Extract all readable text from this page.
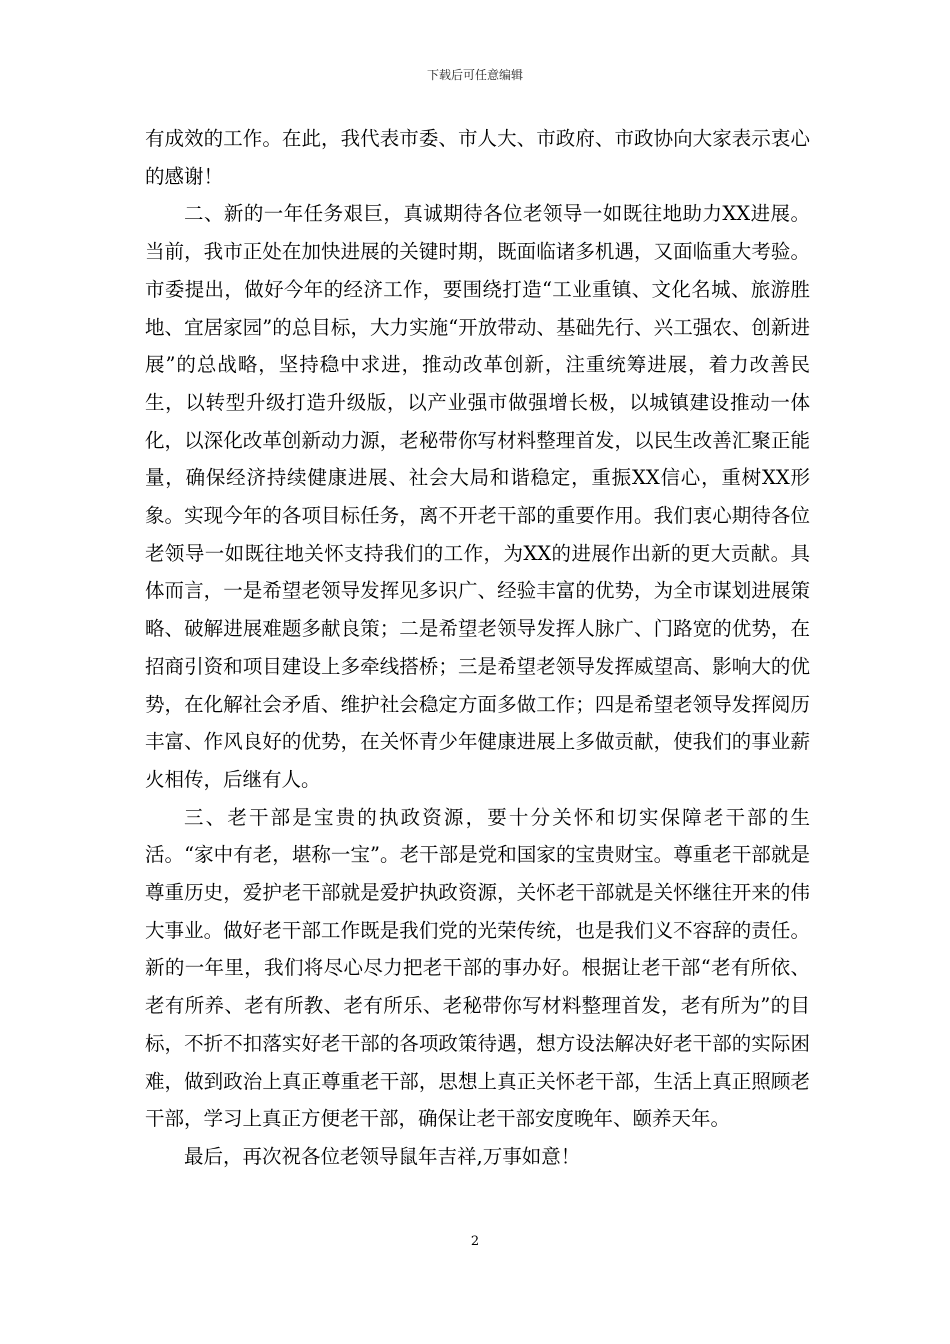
下载后可任意编辑

有成效的工作。在此，我代表市委、市人大、市政府、市政协向大家表示衷心的感谢！

二、新的一年任务艰巨，真诚期待各位老领导一如既往地助力XX进展。当前，我市正处在加快进展的关键时期，既面临诸多机遇，又面临重大考验。市委提出，做好今年的经济工作，要围绕打造“工业重镇、文化名城、旅游胜地、宜居家园”的总目标，大力实施“开放带动、基础先行、兴工强农、创新进展”的总战略，坚持稳中求进，推动改革创新，注重统筹进展，着力改善民生，以转型升级打造升级版，以产业强市做强增长极，以城镇建设推动一体化，以深化改革创新动力源，老秘带你写材料整理首发，以民生改善汇聚正能量，确保经济持续健康进展、社会大局和谐稳定，重振XX信心，重树XX形象。实现今年的各项目标任务，离不开老干部的重要作用。我们衷心期待各位老领导一如既往地关怀支持我们的工作，为XX的进展作出新的更大贡献。具体而言，一是希望老领导发挥见多识广、经验丰富的优势，为全市谋划进展策略、破解进展难题多献良策；二是希望老领导发挥人脉广、门路宽的优势，在招商引资和项目建设上多牵线搭桥；三是希望老领导发挥威望高、影响大的优势，在化解社会矛盾、维护社会稳定方面多做工作；四是希望老领导发挥阅历丰富、作风良好的优势，在关怀青少年健康进展上多做贡献，使我们的事业薪火相传，后继有人。

三、老干部是宝贵的执政资源，要十分关怀和切实保障老干部的生活。“家中有老，堪称一宝”。老干部是党和国家的宝贵财宝。尊重老干部就是尊重历史，爱护老干部就是爱护执政资源，关怀老干部就是关怀继往开来的伟大事业。做好老干部工作既是我们党的光荣传统，也是我们义不容辞的责任。新的一年里，我们将尽心尽力把老干部的事办好。根据让老干部“老有所依、老有所养、老有所教、老有所乐、老秘带你写材料整理首发，老有所为”的目标，不折不扣落实好老干部的各项政策待遇，想方设法解决好老干部的实际困难，做到政治上真正尊重老干部，思想上真正关怀老干部，生活上真正照顾老干部，学习上真正方便老干部，确保让老干部安度晚年、颐养天年。

最后，再次祝各位老领导鼠年吉祥,万事如意！

2
